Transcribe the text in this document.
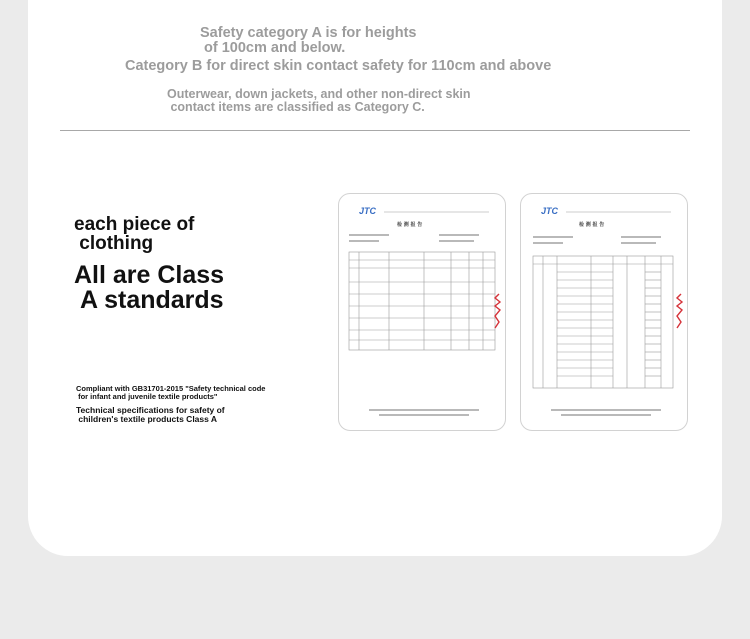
Safety category A is for heights
of 100cm and below.
Category B for direct skin contact safety for 110cm and above
Outerwear, down jackets, and other non-direct skin
contact items are classified as Category C.
each piece of
clothing
All are Class
A standards
Compliant with GB31701-2015 "Safety technical code
for infant and juvenile textile products"
Technical specifications for safety of
children's textile products Class A
JTC
检 测 报 告
JTC
检 测 报 告
